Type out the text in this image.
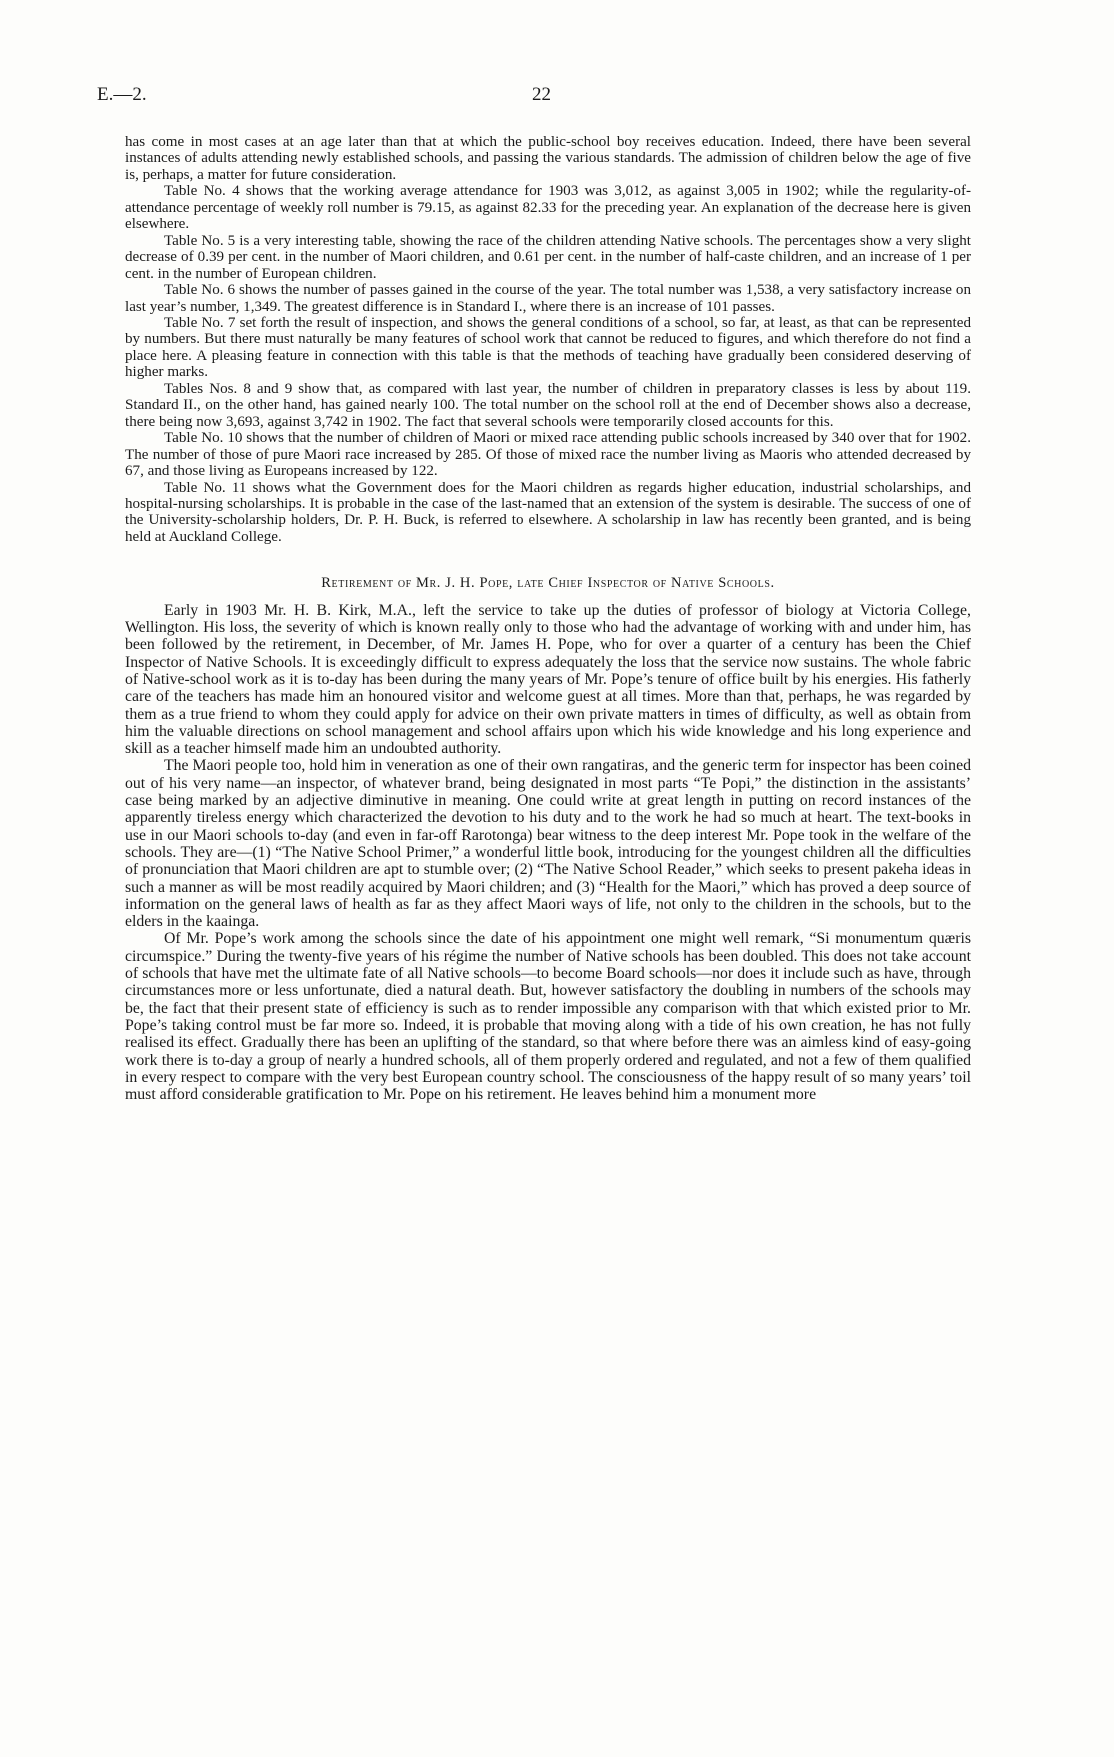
E.—2.	22

has come in most cases at an age later than that at which the public-school boy receives education. Indeed, there have been several instances of adults attending newly established schools, and passing the various standards. The admission of children below the age of five is, perhaps, a matter for future consideration.

Table No. 4 shows that the working average attendance for 1903 was 3,012, as against 3,005 in 1902; while the regularity-of-attendance percentage of weekly roll number is 79.15, as against 82.33 for the preceding year. An explanation of the decrease here is given elsewhere.

Table No. 5 is a very interesting table, showing the race of the children attending Native schools. The percentages show a very slight decrease of 0.39 per cent. in the number of Maori children, and 0.61 per cent. in the number of half-caste children, and an increase of 1 per cent. in the number of European children.

Table No. 6 shows the number of passes gained in the course of the year. The total number was 1,538, a very satisfactory increase on last year’s number, 1,349. The greatest difference is in Standard I., where there is an increase of 101 passes.

Table No. 7 set forth the result of inspection, and shows the general conditions of a school, so far, at least, as that can be represented by numbers. But there must naturally be many features of school work that cannot be reduced to figures, and which therefore do not find a place here. A pleasing feature in connection with this table is that the methods of teaching have gradually been considered deserving of higher marks.

Tables Nos. 8 and 9 show that, as compared with last year, the number of children in preparatory classes is less by about 119. Standard II., on the other hand, has gained nearly 100. The total number on the school roll at the end of December shows also a decrease, there being now 3,693, against 3,742 in 1902. The fact that several schools were temporarily closed accounts for this.

Table No. 10 shows that the number of children of Maori or mixed race attending public schools increased by 340 over that for 1902. The number of those of pure Maori race increased by 285. Of those of mixed race the number living as Maoris who attended decreased by 67, and those living as Europeans increased by 122.

Table No. 11 shows what the Government does for the Maori children as regards higher education, industrial scholarships, and hospital-nursing scholarships. It is probable in the case of the last-named that an extension of the system is desirable. The success of one of the University-scholarship holders, Dr. P. H. Buck, is referred to elsewhere. A scholarship in law has recently been granted, and is being held at Auckland College.

Retirement of Mr. J. H. Pope, late Chief Inspector of Native Schools.

Early in 1903 Mr. H. B. Kirk, M.A., left the service to take up the duties of professor of biology at Victoria College, Wellington. His loss, the severity of which is known really only to those who had the advantage of working with and under him, has been followed by the retirement, in December, of Mr. James H. Pope, who for over a quarter of a century has been the Chief Inspector of Native Schools. It is exceedingly difficult to express adequately the loss that the service now sustains. The whole fabric of Native-school work as it is to-day has been during the many years of Mr. Pope’s tenure of office built by his energies. His fatherly care of the teachers has made him an honoured visitor and welcome guest at all times. More than that, perhaps, he was regarded by them as a true friend to whom they could apply for advice on their own private matters in times of difficulty, as well as obtain from him the valuable directions on school management and school affairs upon which his wide knowledge and his long experience and skill as a teacher himself made him an undoubted authority.

The Maori people too, hold him in veneration as one of their own rangatiras, and the generic term for inspector has been coined out of his very name—an inspector, of whatever brand, being designated in most parts “Te Popi,” the distinction in the assistants’ case being marked by an adjective diminutive in meaning. One could write at great length in putting on record instances of the apparently tireless energy which characterized the devotion to his duty and to the work he had so much at heart. The text-books in use in our Maori schools to-day (and even in far-off Rarotonga) bear witness to the deep interest Mr. Pope took in the welfare of the schools. They are—(1) “The Native School Primer,” a wonderful little book, introducing for the youngest children all the difficulties of pronunciation that Maori children are apt to stumble over; (2) “The Native School Reader,” which seeks to present pakeha ideas in such a manner as will be most readily acquired by Maori children; and (3) “Health for the Maori,” which has proved a deep source of information on the general laws of health as far as they affect Maori ways of life, not only to the children in the schools, but to the elders in the kaainga.

Of Mr. Pope’s work among the schools since the date of his appointment one might well remark, “Si monumentum quæris circumspice.” During the twenty-five years of his régime the number of Native schools has been doubled. This does not take account of schools that have met the ultimate fate of all Native schools—to become Board schools—nor does it include such as have, through circumstances more or less unfortunate, died a natural death. But, however satisfactory the doubling in numbers of the schools may be, the fact that their present state of efficiency is such as to render impossible any comparison with that which existed prior to Mr. Pope’s taking control must be far more so. Indeed, it is probable that moving along with a tide of his own creation, he has not fully realised its effect. Gradually there has been an uplifting of the standard, so that where before there was an aimless kind of easy-going work there is to-day a group of nearly a hundred schools, all of them properly ordered and regulated, and not a few of them qualified in every respect to compare with the very best European country school. The consciousness of the happy result of so many years’ toil must afford considerable gratification to Mr. Pope on his retirement. He leaves behind him a monument more
